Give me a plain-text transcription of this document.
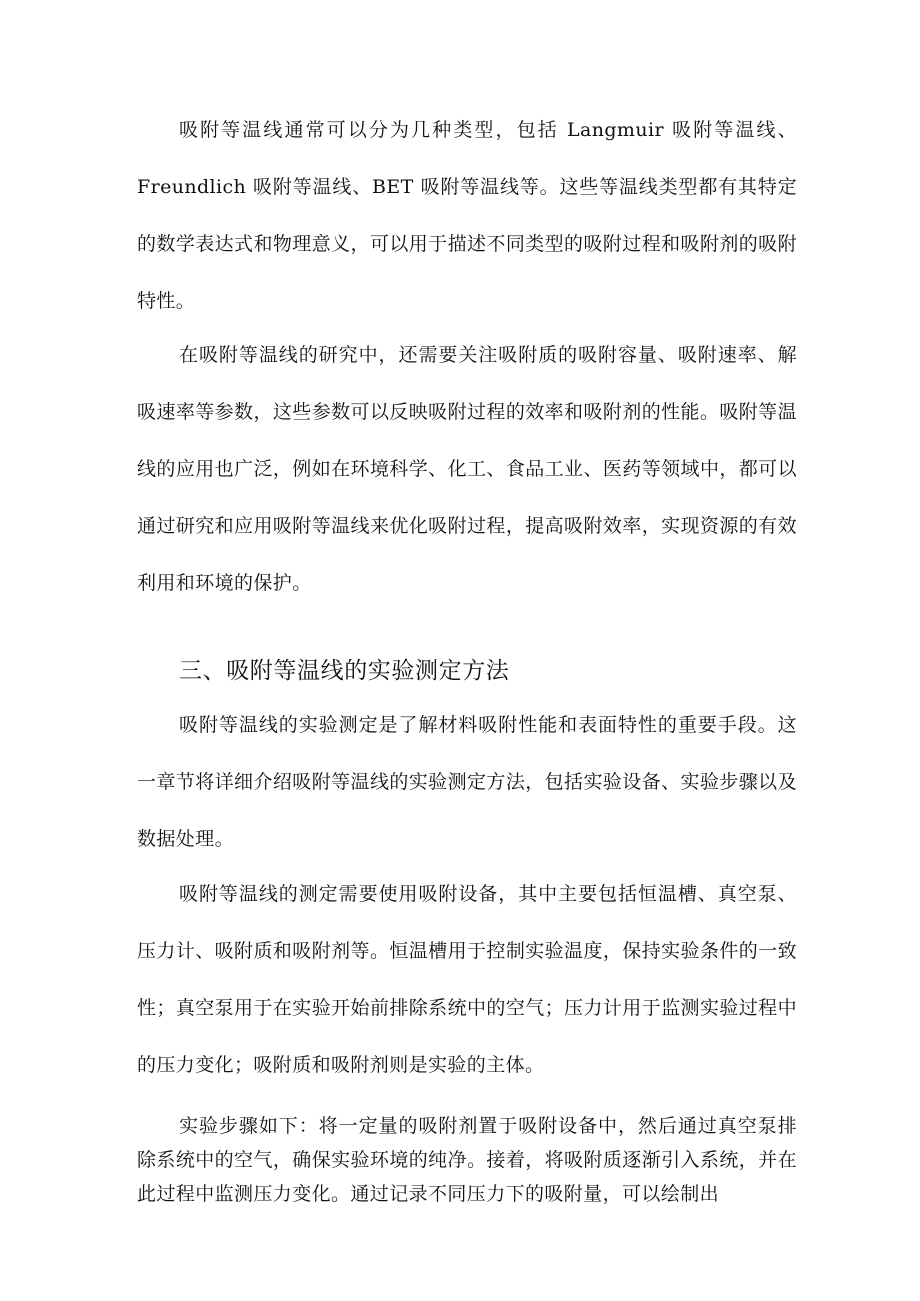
吸附等温线通常可以分为几种类型，包括 Langmuir 吸附等温线、Freundlich 吸附等温线、BET 吸附等温线等。这些等温线类型都有其特定的数学表达式和物理意义，可以用于描述不同类型的吸附过程和吸附剂的吸附特性。

在吸附等温线的研究中，还需要关注吸附质的吸附容量、吸附速率、解吸速率等参数，这些参数可以反映吸附过程的效率和吸附剂的性能。吸附等温线的应用也广泛，例如在环境科学、化工、食品工业、医药等领域中，都可以通过研究和应用吸附等温线来优化吸附过程，提高吸附效率，实现资源的有效利用和环境的保护。

三、吸附等温线的实验测定方法

吸附等温线的实验测定是了解材料吸附性能和表面特性的重要手段。这一章节将详细介绍吸附等温线的实验测定方法，包括实验设备、实验步骤以及数据处理。

吸附等温线的测定需要使用吸附设备，其中主要包括恒温槽、真空泵、压力计、吸附质和吸附剂等。恒温槽用于控制实验温度，保持实验条件的一致性；真空泵用于在实验开始前排除系统中的空气；压力计用于监测实验过程中的压力变化；吸附质和吸附剂则是实验的主体。

实验步骤如下：将一定量的吸附剂置于吸附设备中，然后通过真空泵排除系统中的空气，确保实验环境的纯净。接着，将吸附质逐渐引入系统，并在此过程中监测压力变化。通过记录不同压力下的吸附量，可以绘制出
